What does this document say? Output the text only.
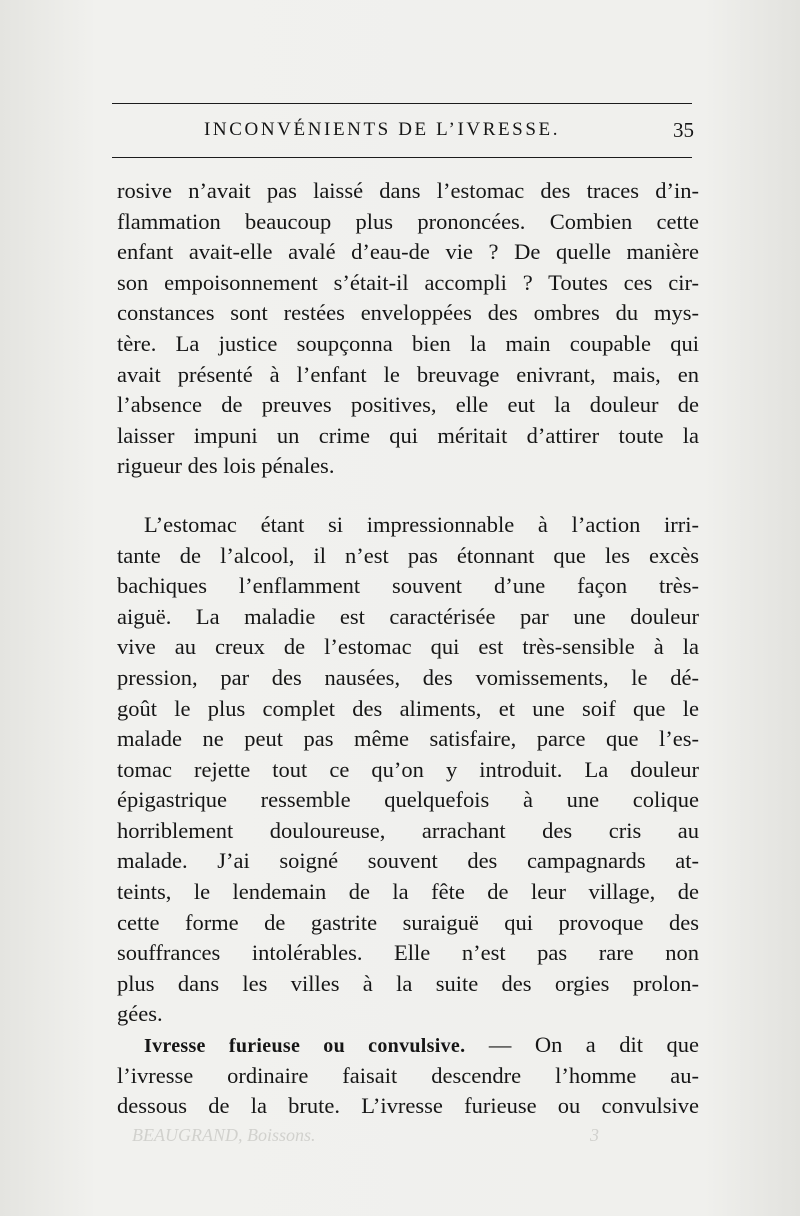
INCONVÉNIENTS DE L’IVRESSE.	35
rosive n’avait pas laissé dans l’estomac des traces d’in-
flammation beaucoup plus prononcées. Combien cette
enfant avait-elle avalé d’eau-de vie ? De quelle manière
son empoisonnement s’était-il accompli ? Toutes ces cir-
constances sont restées enveloppées des ombres du mys-
tère. La justice soupçonna bien la main coupable qui
avait présenté à l’enfant le breuvage enivrant, mais, en
l’absence de preuves positives, elle eut la douleur de
laisser impuni un crime qui méritait d’attirer toute la
rigueur des lois pénales.
L’estomac étant si impressionnable à l’action irri-
tante de l’alcool, il n’est pas étonnant que les excès
bachiques l’enflamment souvent d’une façon très-
aiguë. La maladie est caractérisée par une douleur
vive au creux de l’estomac qui est très-sensible à la
pression, par des nausées, des vomissements, le dé-
goût le plus complet des aliments, et une soif que le
malade ne peut pas même satisfaire, parce que l’es-
tomac rejette tout ce qu’on y introduit. La douleur
épigastrique ressemble quelquefois à une colique
horriblement douloureuse, arrachant des cris au
malade. J’ai soigné souvent des campagnards at-
teints, le lendemain de la fête de leur village, de
cette forme de gastrite suraiguë qui provoque des
souffrances intolérables. Elle n’est pas rare non
plus dans les villes à la suite des orgies prolon-
gées.
Ivresse furieuse ou convulsive. — On a dit que
l’ivresse ordinaire faisait descendre l’homme au-
dessous de la brute. L’ivresse furieuse ou convulsive
BEAUGRAND, Boissons.	3
